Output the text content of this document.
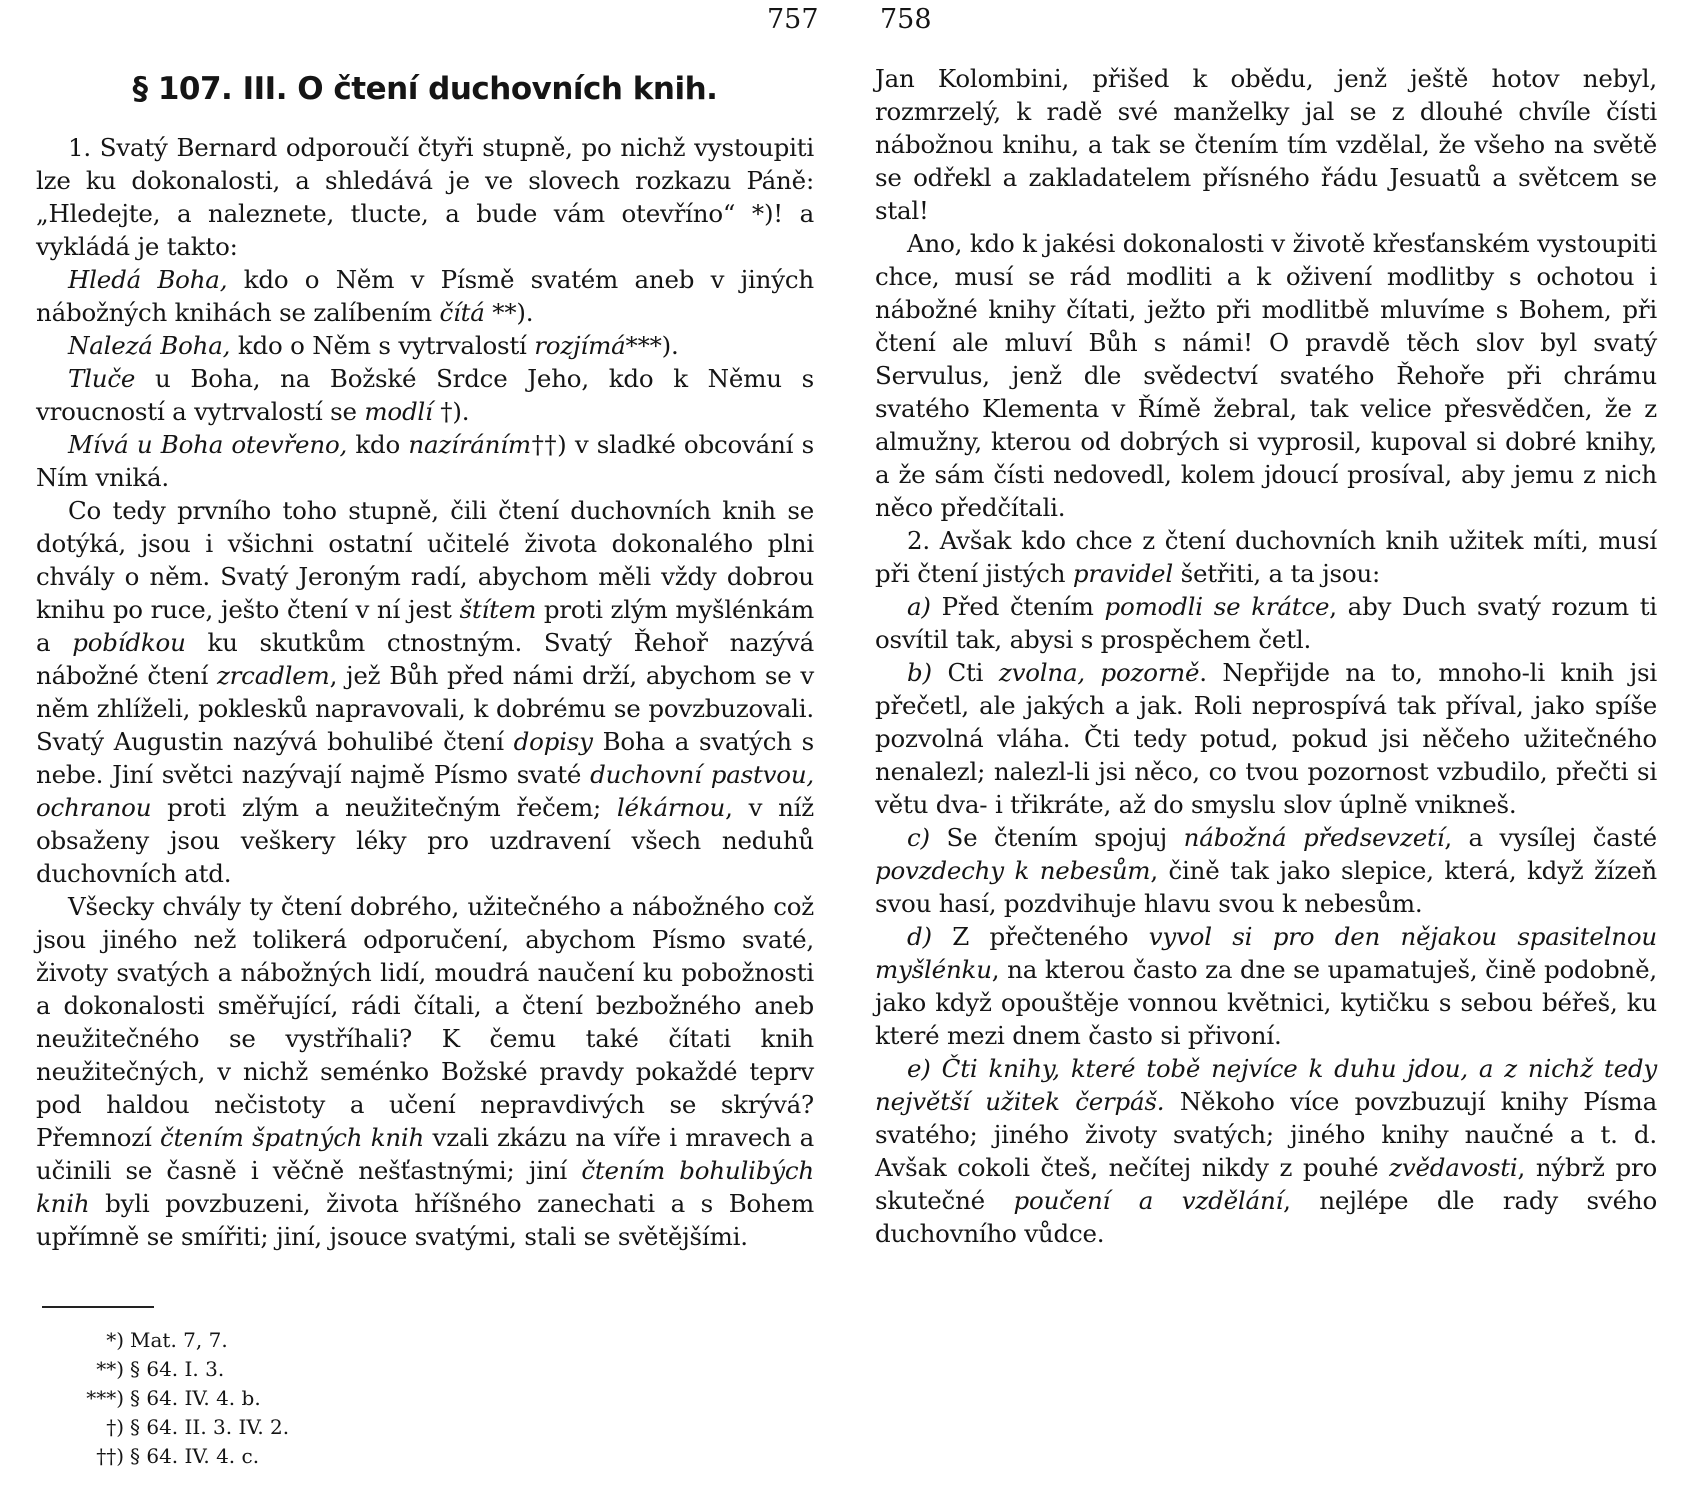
757
§ 107. III. O čtení duchovních knih.

1. Svatý Bernard odporoučí čtyři stupně, po nichž vystoupiti lze ku dokonalosti, a shledává je ve slovech rozkazu Páně: „Hledejte, a naleznete, tlucte, a bude vám otevříno“ *)! a vykládá je takto:

Hledá Boha, kdo o Něm v Písmě svatém aneb v jiných nábožných knihách se zalíbením čítá **).

Nalezá Boha, kdo o Něm s vytrvalostí rozjímá***).

Tluče u Boha, na Božské Srdce Jeho, kdo k Němu s vroucností a vytrvalostí se modlí †).

Mívá u Boha otevřeno, kdo nazíráním††) v sladké obcování s Ním vniká.

Co tedy prvního toho stupně, čili čtení duchovních knih se dotýká, jsou i všichni ostatní učitelé života dokonalého plni chvály o něm. Svatý Jeroným radí, abychom měli vždy dobrou knihu po ruce, ješto čtení v ní jest štítem proti zlým myšlénkám a pobídkou ku skutkům ctnostným. Svatý Řehoř nazývá nábožné čtení zrcadlem, jež Bůh před námi drží, abychom se v něm zhlíželi, poklesků napravovali, k dobrému se povzbuzovali. Svatý Augustin nazývá bohulibé čtení dopisy Boha a svatých s nebe. Jiní světci nazývají najmě Písmo svaté duchovní pastvou, ochranou proti zlým a neužitečným řečem; lékárnou, v níž obsaženy jsou veškery léky pro uzdravení všech neduhů duchovních atd.

Všecky chvály ty čtení dobrého, užitečného a nábožného což jsou jiného než tolikerá odporučení, abychom Písmo svaté, životy svatých a nábožných lidí, moudrá naučení ku pobožnosti a dokonalosti směřující, rádi čítali, a čtení bezbožného aneb neužitečného se vystříhali? K čemu také čítati knih neužitečných, v nichž seménko Božské pravdy pokaždé teprv pod haldou nečistoty a učení nepravdivých se skrývá? Přemnozí čtením špatných knih vzali zkázu na víře i mravech a učinili se časně i věčně nešťastnými; jiní čtením bohulibých knih byli povzbuzeni, života hříšného zanechati a s Bohem upřímně se smířiti; jiní, jsouce svatými, stali se světějšími.

*) Mat. 7, 7.
**) § 64. I. 3.
***) § 64. IV. 4. b.
†) § 64. II. 3. IV. 2.
††) § 64. IV. 4. c.
758

Jan Kolombini, přišed k obědu, jenž ještě hotov nebyl, rozmrzelý, k radě své manželky jal se z dlouhé chvíle čísti nábožnou knihu, a tak se čtením tím vzdělal, že všeho na světě se odřekl a zakladatelem přísného řádu Jesuatů a světcem se stal!

Ano, kdo k jakési dokonalosti v životě křesťanském vystoupiti chce, musí se rád modliti a k oživení modlitby s ochotou i nábožné knihy čítati, ježto při modlitbě mluvíme s Bohem, při čtení ale mluví Bůh s námi! O pravdě těch slov byl svatý Servulus, jenž dle svědectví svatého Řehoře při chrámu svatého Klementa v Římě žebral, tak velice přesvědčen, že z almužny, kterou od dobrých si vyprosil, kupoval si dobré knihy, a že sám čísti nedovedl, kolem jdoucí prosíval, aby jemu z nich něco předčítali.

2. Avšak kdo chce z čtení duchovních knih užitek míti, musí při čtení jistých pravidel šetřiti, a ta jsou:

a) Před čtením pomodli se krátce, aby Duch svatý rozum ti osvítil tak, abysi s prospěchem četl.

b) Cti zvolna, pozorně. Nepřijde na to, mnoho-li knih jsi přečetl, ale jakých a jak. Roli neprospívá tak příval, jako spíše pozvolná vláha. Čti tedy potud, pokud jsi něčeho užitečného nenalezl; nalezl-li jsi něco, co tvou pozornost vzbudilo, přečti si větu dva- i třikráte, až do smyslu slov úplně vnikneš.

c) Se čtením spojuj nábožná předsevzetí, a vysílej časté povzdechy k nebesům, čině tak jako slepice, která, když žízeň svou hasí, pozdvihuje hlavu svou k nebesům.

d) Z přečteného vyvol si pro den nějakou spasitelnou myšlénku, na kterou často za dne se upamatuješ, čině podobně, jako když opouštěje vonnou květnici, kytičku s sebou béřeš, ku které mezi dnem často si přivoní.

e) Čti knihy, které tobě nejvíce k duhu jdou, a z nichž tedy největší užitek čerpáš. Někoho více povzbuzují knihy Písma svatého; jiného životy svatých; jiného knihy naučné a t. d. Avšak cokoli čteš, nečítej nikdy z pouhé zvědavosti, nýbrž pro skutečné poučení a vzdělání, nejlépe dle rady svého duchovního vůdce.
